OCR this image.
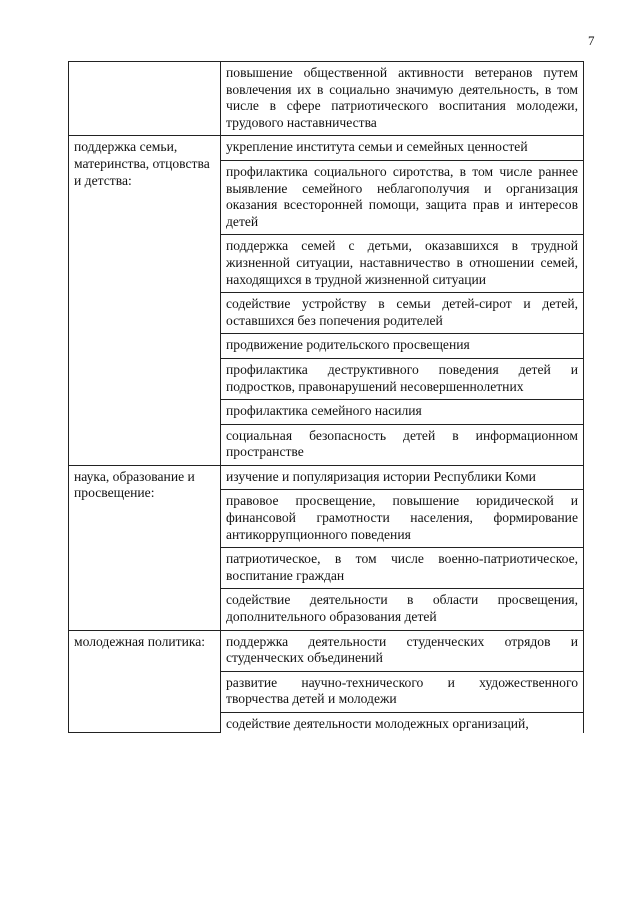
7
	повышение общественной активности ветеранов путем вовлечения их в социально значимую деятельность, в том числе в сфере патриотического воспитания молодежи, трудового наставничества
поддержка семьи, материнства, отцовства и детства:	укрепление института семьи и семейных ценностей
	профилактика социального сиротства, в том числе раннее выявление семейного неблагополучия и организация оказания всесторонней помощи, защита прав и интересов детей
	поддержка семей с детьми, оказавшихся в трудной жизненной ситуации, наставничество в отношении семей, находящихся в трудной жизненной ситуации
	содействие устройству в семьи детей-сирот и детей, оставшихся без попечения родителей
	продвижение родительского просвещения
	профилактика деструктивного поведения детей и подростков, правонарушений несовершеннолетних
	профилактика семейного насилия
	социальная безопасность детей в информационном пространстве
наука, образование и просвещение:	изучение и популяризация истории Республики Коми
	правовое просвещение, повышение юридической и финансовой грамотности населения, формирование антикоррупционного поведения
	патриотическое, в том числе военно-патриотическое, воспитание граждан
	содействие деятельности в области просвещения, дополнительного образования детей
молодежная политика:	поддержка деятельности студенческих отрядов и студенческих объединений
	развитие научно-технического и художественного творчества детей и молодежи
	содействие деятельности молодежных организаций,
